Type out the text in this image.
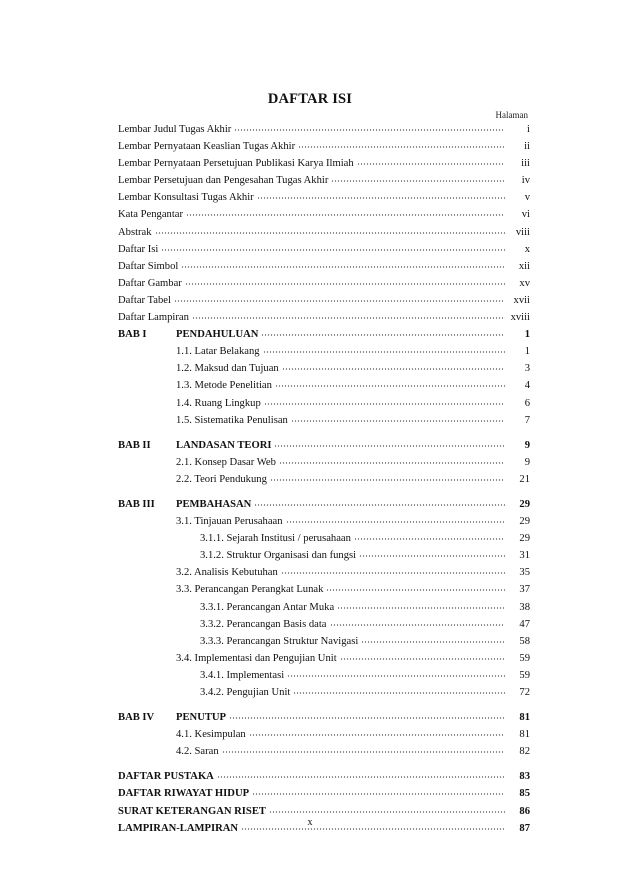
DAFTAR ISI
Halaman
Lembar Judul Tugas Akhir	i
Lembar Pernyataan Keaslian Tugas Akhir	ii
Lembar Pernyataan Persetujuan Publikasi Karya Ilmiah	iii
Lembar Persetujuan dan Pengesahan Tugas Akhir	iv
Lembar Konsultasi Tugas Akhir	v
Kata Pengantar	vi
Abstrak	viii
Daftar Isi	x
Daftar Simbol	xii
Daftar Gambar	xv
Daftar Tabel	xvii
Daftar Lampiran	xviii
BAB I	PENDAHULUAN	1
1.1. Latar Belakang	1
1.2. Maksud dan Tujuan	3
1.3. Metode Penelitian	4
1.4. Ruang Lingkup	6
1.5. Sistematika Penulisan	7
BAB II	LANDASAN TEORI	9
2.1. Konsep Dasar Web	9
2.2. Teori Pendukung	21
BAB III	PEMBAHASAN	29
3.1. Tinjauan Perusahaan	29
3.1.1. Sejarah Institusi / perusahaan	29
3.1.2. Struktur Organisasi dan fungsi	31
3.2. Analisis Kebutuhan	35
3.3. Perancangan Perangkat Lunak	37
3.3.1. Perancangan Antar Muka	38
3.3.2. Perancangan Basis data	47
3.3.3. Perancangan Struktur Navigasi	58
3.4. Implementasi dan Pengujian Unit	59
3.4.1. Implementasi	59
3.4.2. Pengujian Unit	72
BAB IV	PENUTUP	81
4.1. Kesimpulan	81
4.2. Saran	82
DAFTAR PUSTAKA	83
DAFTAR RIWAYAT HIDUP	85
SURAT KETERANGAN RISET	86
LAMPIRAN-LAMPIRAN	87
x
